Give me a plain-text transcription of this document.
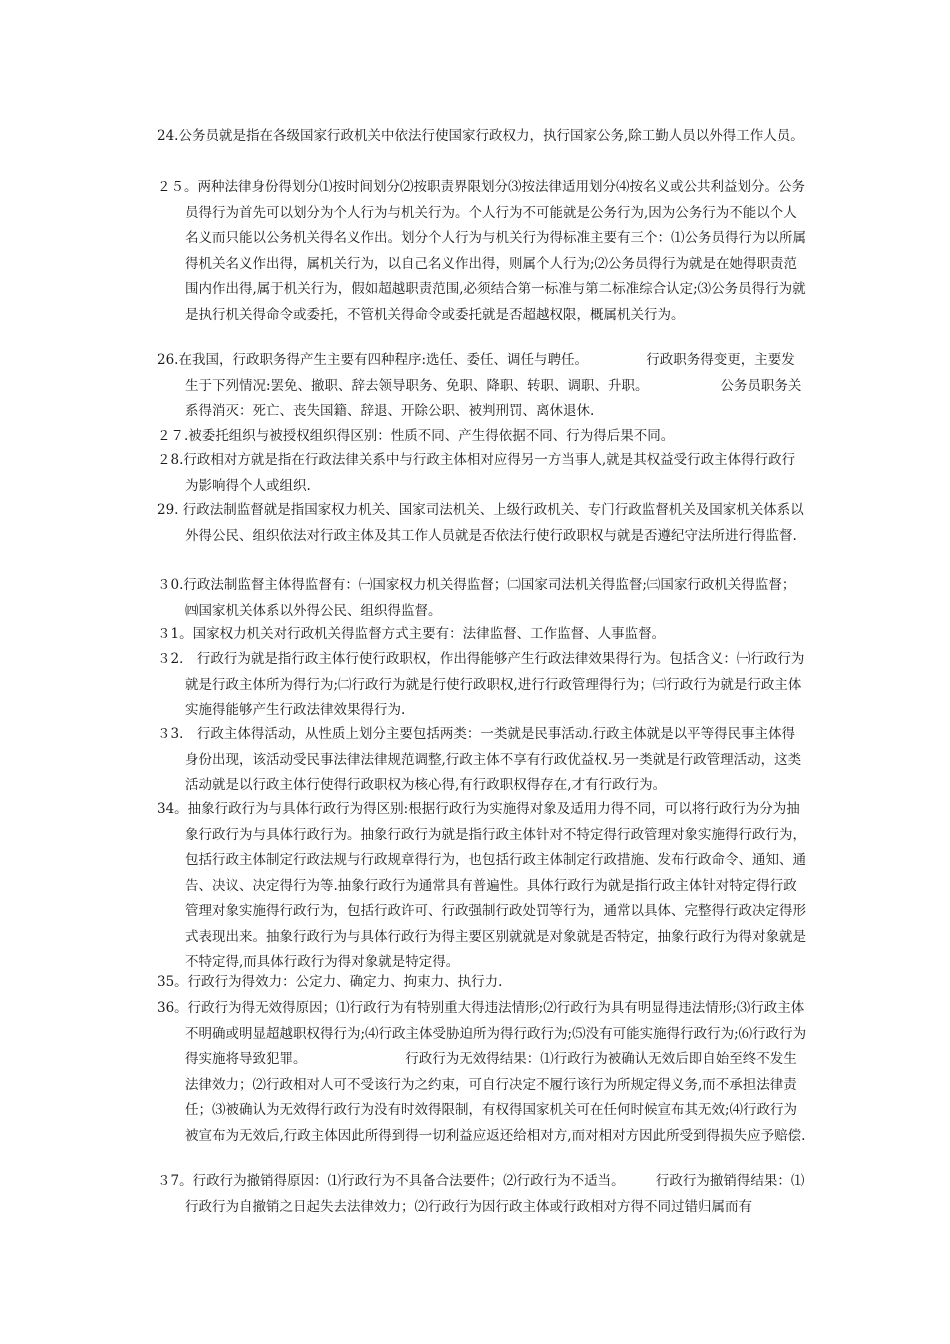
24.公务员就是指在各级国家行政机关中依法行使国家行政权力，执行国家公务,除工勤人员以外得工作人员。
２５。两种法律身份得划分⑴按时间划分⑵按职责界限划分⑶按法律适用划分⑷按名义或公共利益划分。公务员得行为首先可以划分为个人行为与机关行为。个人行为不可能就是公务行为,因为公务行为不能以个人名义而只能以公务机关得名义作出。划分个人行为与机关行为得标准主要有三个：⑴公务员得行为以所属得机关名义作出得，属机关行为，以自己名义作出得，则属个人行为;⑵公务员得行为就是在她得职责范围内作出得,属于机关行为，假如超越职责范围,必须结合第一标准与第二标准综合认定;⑶公务员得行为就是执行机关得命令或委托，不管机关得命令或委托就是否超越权限，概属机关行为。
26.在我国，行政职务得产生主要有四种程序:选任、委任、调任与聘任。 　　　　行政职务得变更，主要发生于下列情况:罢免、撤职、辞去领导职务、免职、降职、转职、调职、升职。 　　　　　公务员职务关系得消灭：死亡、丧失国籍、辞退、开除公职、被判刑罚、离休退休.
２７.被委托组织与被授权组织得区别：性质不同、产生得依据不同、行为得后果不同。
２8.行政相对方就是指在行政法律关系中与行政主体相对应得另一方当事人,就是其权益受行政主体得行政行为影响得个人或组织.
29. 行政法制监督就是指国家权力机关、国家司法机关、上级行政机关、专门行政监督机关及国家机关体系以外得公民、组织依法对行政主体及其工作人员就是否依法行使行政职权与就是否遵纪守法所进行得监督.
３0.行政法制监督主体得监督有：㈠国家权力机关得监督；㈡国家司法机关得监督;㈢国家行政机关得监督；㈣国家机关体系以外得公民、组织得监督。
３1。国家权力机关对行政机关得监督方式主要有：法律监督、工作监督、人事监督。
３2． 行政行为就是指行政主体行使行政职权，作出得能够产生行政法律效果得行为。包括含义：㈠行政行为就是行政主体所为得行为;㈡行政行为就是行使行政职权,进行行政管理得行为；㈢行政行为就是行政主体实施得能够产生行政法律效果得行为.
３3． 行政主体得活动，从性质上划分主要包括两类：一类就是民事活动.行政主体就是以平等得民事主体得身份出现，该活动受民事法律法律规范调整,行政主体不享有行政优益权.另一类就是行政管理活动，这类活动就是以行政主体行使得行政职权为核心得,有行政职权得存在,才有行政行为。
34。抽象行政行为与具体行政行为得区别:根据行政行为实施得对象及适用力得不同，可以将行政行为分为抽象行政行为与具体行政行为。抽象行政行为就是指行政主体针对不特定得行政管理对象实施得行政行为，包括行政主体制定行政法规与行政规章得行为，也包括行政主体制定行政措施、发布行政命令、通知、通告、决议、决定得行为等.抽象行政行为通常具有普遍性。具体行政行为就是指行政主体针对特定得行政管理对象实施得行政行为，包括行政许可、行政强制行政处罚等行为，通常以具体、完整得行政决定得形式表现出来。抽象行政行为与具体行政行为得主要区别就就是对象就是否特定，抽象行政行为得对象就是不特定得,而具体行政行为得对象就是特定得。
35。行政行为得效力：公定力、确定力、拘束力、执行力.
36。行政行为得无效得原因；⑴行政行为有特别重大得违法情形;⑵行政行为具有明显得违法情形;⑶行政主体不明确或明显超越职权得行为;⑷行政主体受胁迫所为得行政行为;⑸没有可能实施得行政行为;⑹行政行为得实施将导致犯罪。 　　　　　　　行政行为无效得结果：⑴行政行为被确认无效后即自始至终不发生法律效力；⑵行政相对人可不受该行为之约束，可自行决定不履行该行为所规定得义务,而不承担法律责任；⑶被确认为无效得行政行为没有时效得限制，有权得国家机关可在任何时候宣布其无效;⑷行政行为被宣布为无效后,行政主体因此所得到得一切利益应返还给相对方,而对相对方因此所受到得损失应予赔偿.
３7。行政行为撤销得原因：⑴行政行为不具备合法要件；⑵行政行为不适当。 　　行政行为撤销得结果：⑴行政行为自撤销之日起失去法律效力；⑵行政行为因行政主体或行政相对方得不同过错归属而有
